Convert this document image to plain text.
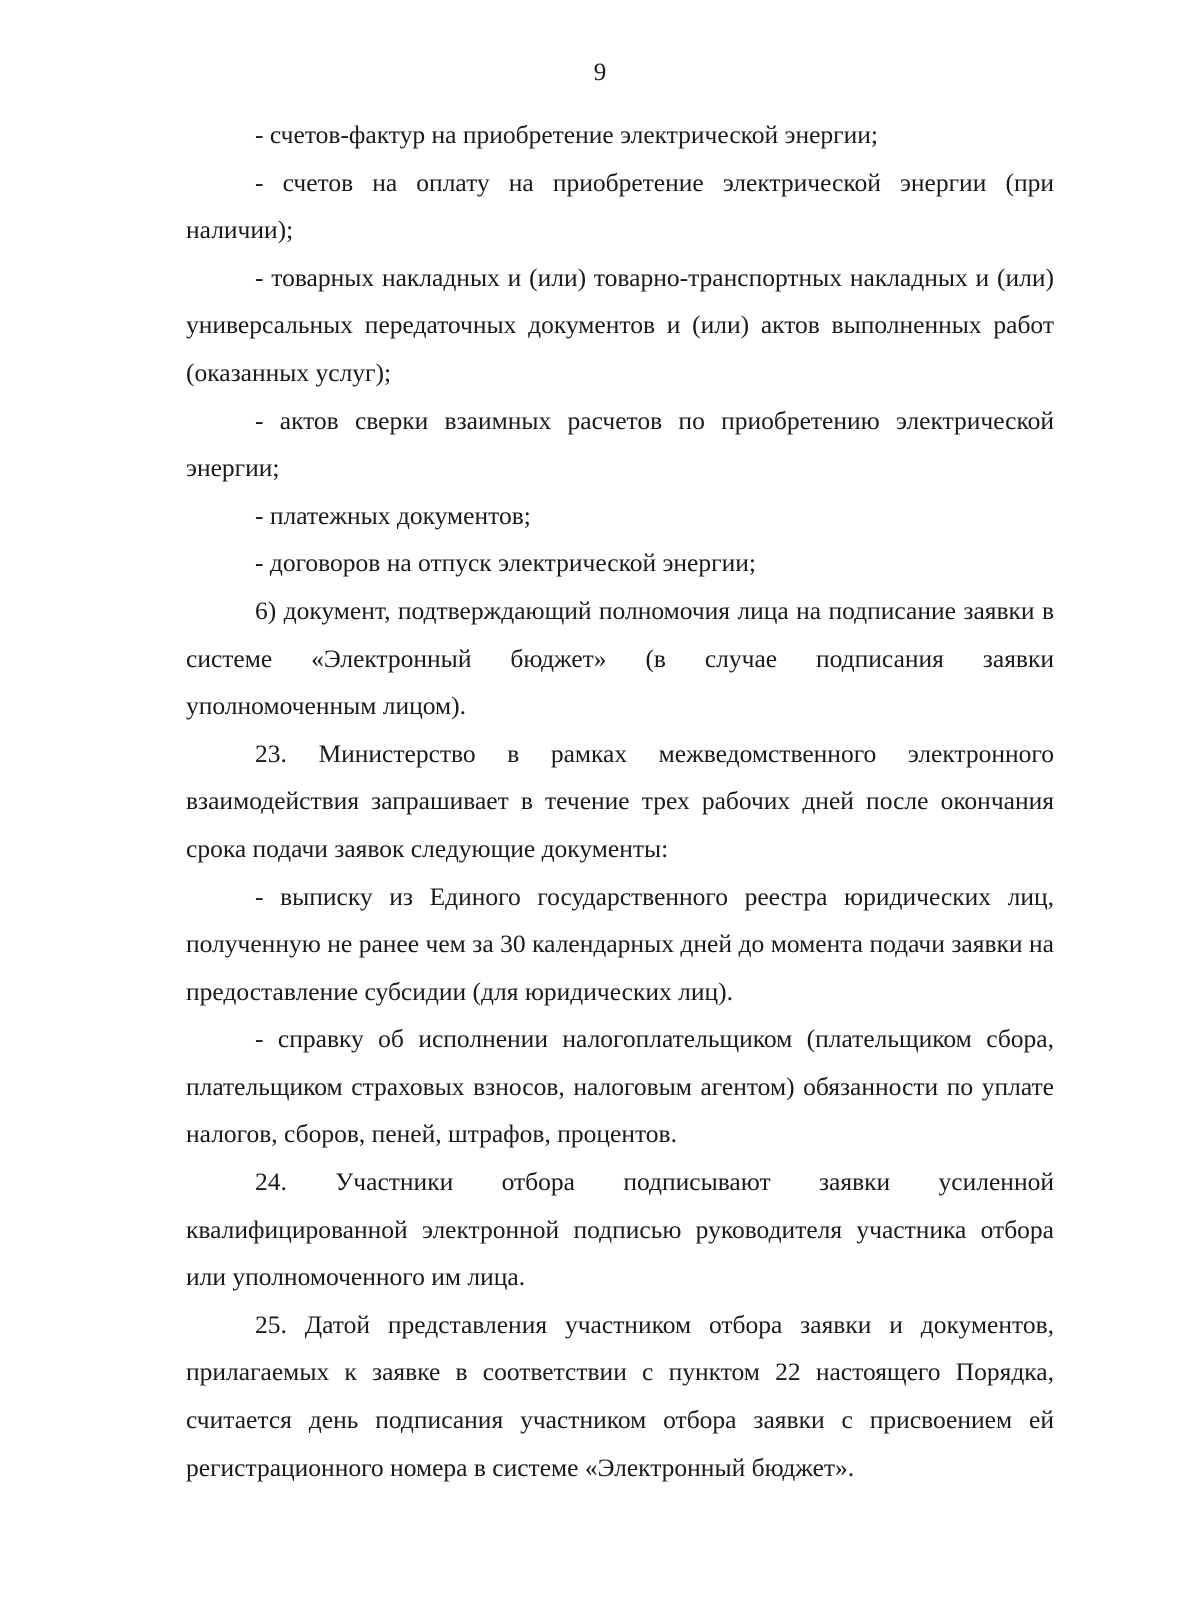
9

- счетов-фактур на приобретение электрической энергии;

- счетов на оплату на приобретение электрической энергии (при наличии);

- товарных накладных и (или) товарно-транспортных накладных и (или) универсальных передаточных документов и (или) актов выполненных работ (оказанных услуг);

- актов сверки взаимных расчетов по приобретению электрической энергии;

- платежных документов;

- договоров на отпуск электрической энергии;

6) документ, подтверждающий полномочия лица на подписание заявки в системе «Электронный бюджет» (в случае подписания заявки уполномоченным лицом).

23. Министерство в рамках межведомственного электронного взаимодействия запрашивает в течение трех рабочих дней после окончания срока подачи заявок следующие документы:

- выписку из Единого государственного реестра юридических лиц, полученную не ранее чем за 30 календарных дней до момента подачи заявки на предоставление субсидии (для юридических лиц).

- справку об исполнении налогоплательщиком (плательщиком сбора, плательщиком страховых взносов, налоговым агентом) обязанности по уплате налогов, сборов, пеней, штрафов, процентов.

24. Участники отбора подписывают заявки усиленной квалифицированной электронной подписью руководителя участника отбора или уполномоченного им лица.

25. Датой представления участником отбора заявки и документов, прилагаемых к заявке в соответствии с пунктом 22 настоящего Порядка, считается день подписания участником отбора заявки с присвоением ей регистрационного номера в системе «Электронный бюджет».
